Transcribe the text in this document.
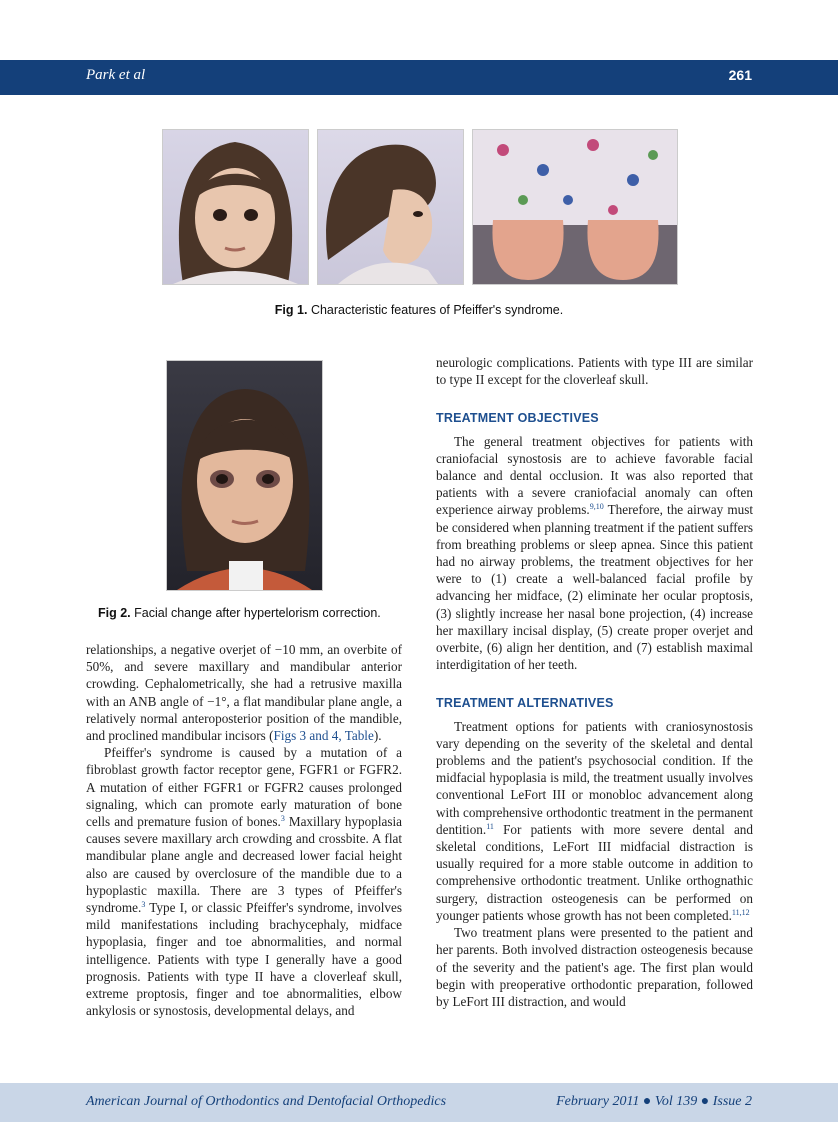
Park et al	261
Fig 1. Characteristic features of Pfeiffer's syndrome.
Fig 2. Facial change after hypertelorism correction.

relationships, a negative overjet of −10 mm, an overbite of 50%, and severe maxillary and mandibular anterior crowding. Cephalometrically, she had a retrusive maxilla with an ANB angle of −1°, a flat mandibular plane angle, a relatively normal anteroposterior position of the mandible, and proclined mandibular incisors (Figs 3 and 4, Table).

Pfeiffer's syndrome is caused by a mutation of a fibroblast growth factor receptor gene, FGFR1 or FGFR2. A mutation of either FGFR1 or FGFR2 causes prolonged signaling, which can promote early maturation of bone cells and premature fusion of bones.$^3$ Maxillary hypoplasia causes severe maxillary arch crowding and crossbite. A flat mandibular plane angle and decreased lower facial height also are caused by overclosure of the mandible due to a hypoplastic maxilla. There are 3 types of Pfeiffer's syndrome.$^3$ Type I, or classic Pfeiffer's syndrome, involves mild manifestations including brachycephaly, midface hypoplasia, finger and toe abnormalities, and normal intelligence. Patients with type I generally have a good prognosis. Patients with type II have a cloverleaf skull, extreme proptosis, finger and toe abnormalities, elbow ankylosis or synostosis, developmental delays, and

neurologic complications. Patients with type III are similar to type II except for the cloverleaf skull.

TREATMENT OBJECTIVES

The general treatment objectives for patients with craniofacial synostosis are to achieve favorable facial balance and dental occlusion. It was also reported that patients with a severe craniofacial anomaly can often experience airway problems.$^{9,10}$ Therefore, the airway must be considered when planning treatment if the patient suffers from breathing problems or sleep apnea. Since this patient had no airway problems, the treatment objectives for her were to (1) create a well-balanced facial profile by advancing her midface, (2) eliminate her ocular proptosis, (3) slightly increase her nasal bone projection, (4) increase her maxillary incisal display, (5) create proper overjet and overbite, (6) align her dentition, and (7) establish maximal interdigitation of her teeth.

TREATMENT ALTERNATIVES

Treatment options for patients with craniosynostosis vary depending on the severity of the skeletal and dental problems and the patient's psychosocial condition. If the midfacial hypoplasia is mild, the treatment usually involves conventional LeFort III or monobloc advancement along with comprehensive orthodontic treatment in the permanent dentition.$^{11}$ For patients with more severe dental and skeletal conditions, LeFort III midfacial distraction is usually required for a more stable outcome in addition to comprehensive orthodontic treatment. Unlike orthognathic surgery, distraction osteogenesis can be performed on younger patients whose growth has not been completed.$^{11,12}$

Two treatment plans were presented to the patient and her parents. Both involved distraction osteogenesis because of the severity and the patient's age. The first plan would begin with preoperative orthodontic preparation, followed by LeFort III distraction, and would

American Journal of Orthodontics and Dentofacial Orthopedics	February 2011 ● Vol 139 ● Issue 2
